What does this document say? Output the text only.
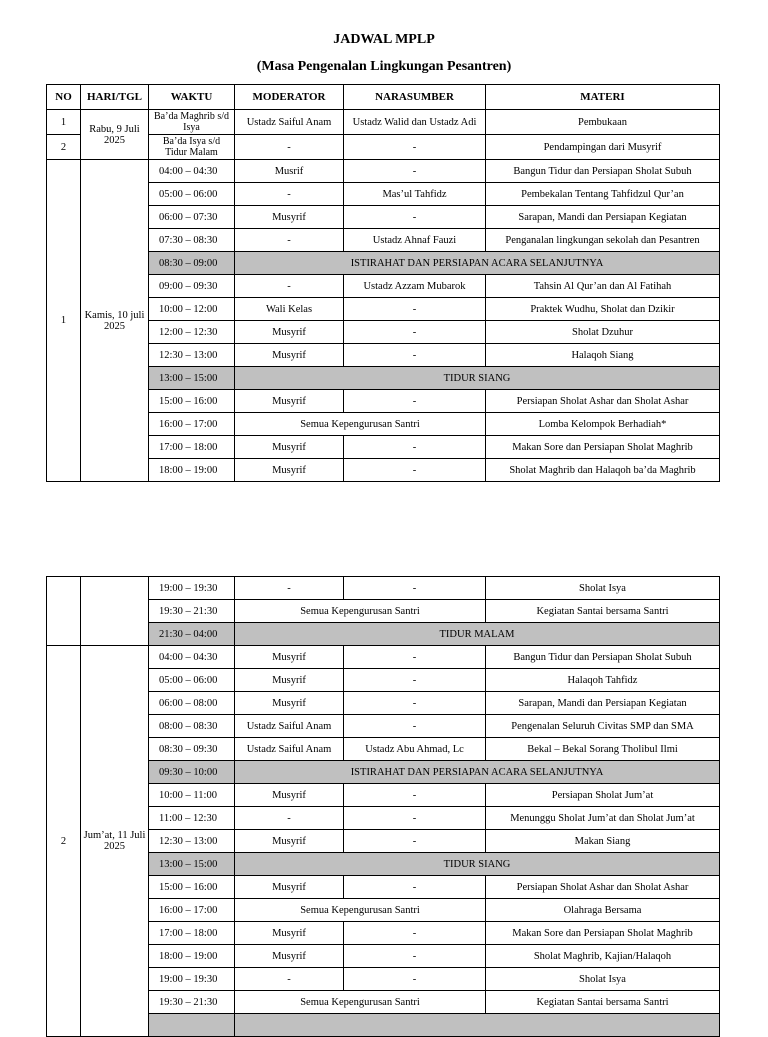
JADWAL MPLP
(Masa Pengenalan Lingkungan Pesantren)
NO	HARI/TGL	WAKTU	MODERATOR	NARASUMBER	MATERI
1	Rabu, 9 Juli 2025	Ba’da Maghrib s/d Isya	Ustadz Saiful Anam	Ustadz Walid dan Ustadz Adi	Pembukaan
2		Ba’da Isya s/d Tidur Malam	-	-	Pendampingan dari Musyrif
1	Kamis, 10 juli 2025	04:00 – 04:30	Musrif	-	Bangun Tidur dan Persiapan Sholat Subuh
		05:00 – 06:00	-	Mas’ul Tahfidz	Pembekalan Tentang Tahfidzul Qur’an
		06:00 – 07:30	Musyrif	-	Sarapan, Mandi dan Persiapan Kegiatan
		07:30 – 08:30	-	Ustadz Ahnaf Fauzi	Penganalan lingkungan sekolah dan Pesantren
		08:30 – 09:00	ISTIRAHAT DAN PERSIAPAN ACARA SELANJUTNYA		
		09:00 – 09:30	-	Ustadz Azzam Mubarok	Tahsin Al Qur’an dan Al Fatihah
		10:00 – 12:00	Wali Kelas	-	Praktek Wudhu, Sholat dan Dzikir
		12:00 – 12:30	Musyrif	-	Sholat Dzuhur
		12:30 – 13:00	Musyrif	-	Halaqoh Siang
		13:00 – 15:00	TIDUR SIANG		
		15:00 – 16:00	Musyrif	-	Persiapan Sholat Ashar dan Sholat Ashar
		16:00 – 17:00	Semua Kepengurusan Santri		Lomba Kelompok Berhadiah*
		17:00 – 18:00	Musyrif	-	Makan Sore dan Persiapan Sholat Maghrib
		18:00 – 19:00	Musyrif	-	Sholat Maghrib dan Halaqoh ba’da Maghrib
		19:00 – 19:30	-	-	Sholat Isya
		19:30 – 21:30	Semua Kepengurusan Santri		Kegiatan Santai bersama Santri
		21:30 – 04:00	TIDUR MALAM		
2	Jum’at, 11 Juli 2025	04:00 – 04:30	Musyrif	-	Bangun Tidur dan Persiapan Sholat Subuh
		05:00 – 06:00	Musyrif	-	Halaqoh Tahfidz
		06:00 – 08:00	Musyrif	-	Sarapan, Mandi dan Persiapan Kegiatan
		08:00 – 08:30	Ustadz Saiful Anam	-	Pengenalan Seluruh Civitas SMP dan SMA
		08:30 – 09:30	Ustadz Saiful Anam	Ustadz Abu Ahmad, Lc	Bekal – Bekal Sorang Tholibul Ilmi
		09:30 – 10:00	ISTIRAHAT DAN PERSIAPAN ACARA SELANJUTNYA		
		10:00 – 11:00	Musyrif	-	Persiapan Sholat Jum’at
		11:00 – 12:30	-	-	Menunggu Sholat Jum’at dan Sholat Jum’at
		12:30 – 13:00	Musyrif	-	Makan Siang
		13:00 – 15:00	TIDUR SIANG		
		15:00 – 16:00	Musyrif	-	Persiapan Sholat Ashar dan Sholat Ashar
		16:00 – 17:00	Semua Kepengurusan Santri		Olahraga Bersama
		17:00 – 18:00	Musyrif	-	Makan Sore dan Persiapan Sholat Maghrib
		18:00 – 19:00	Musyrif	-	Sholat Maghrib, Kajian/Halaqoh
		19:00 – 19:30	-	-	Sholat Isya
		19:30 – 21:30	Semua Kepengurusan Santri		Kegiatan Santai bersama Santri
